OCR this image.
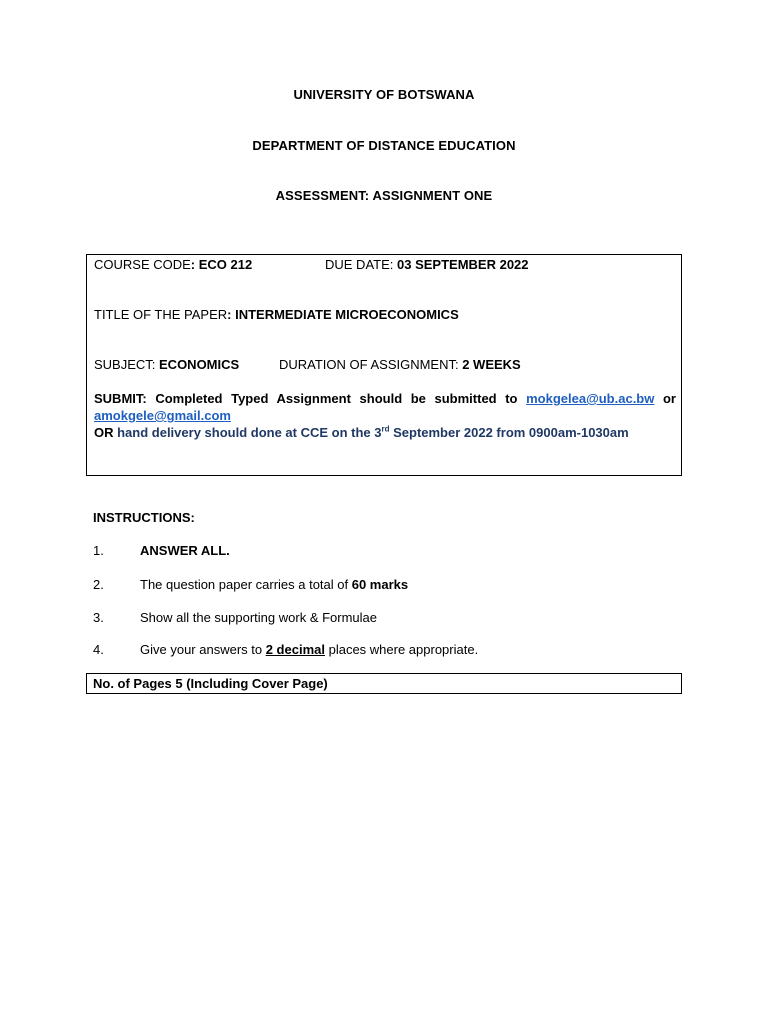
UNIVERSITY OF BOTSWANA
DEPARTMENT OF DISTANCE EDUCATION
ASSESSMENT: ASSIGNMENT ONE
COURSE CODE: ECO 212	DUE DATE: 03 SEPTEMBER 2022
TITLE OF THE PAPER: INTERMEDIATE MICROECONOMICS
SUBJECT: ECONOMICS	DURATION OF ASSIGNMENT: 2 WEEKS
SUBMIT: Completed Typed Assignment should be submitted to mokgelea@ub.ac.bw or
amokgele@gmail.com
OR hand delivery should done at CCE on the 3rd September 2022 from 0900am-1030am
INSTRUCTIONS:
1.	ANSWER ALL.
2.	The question paper carries a total of 60 marks
3.	Show all the supporting work & Formulae
4.	Give your answers to 2 decimal places where appropriate.
No. of Pages 5 (Including Cover Page)
